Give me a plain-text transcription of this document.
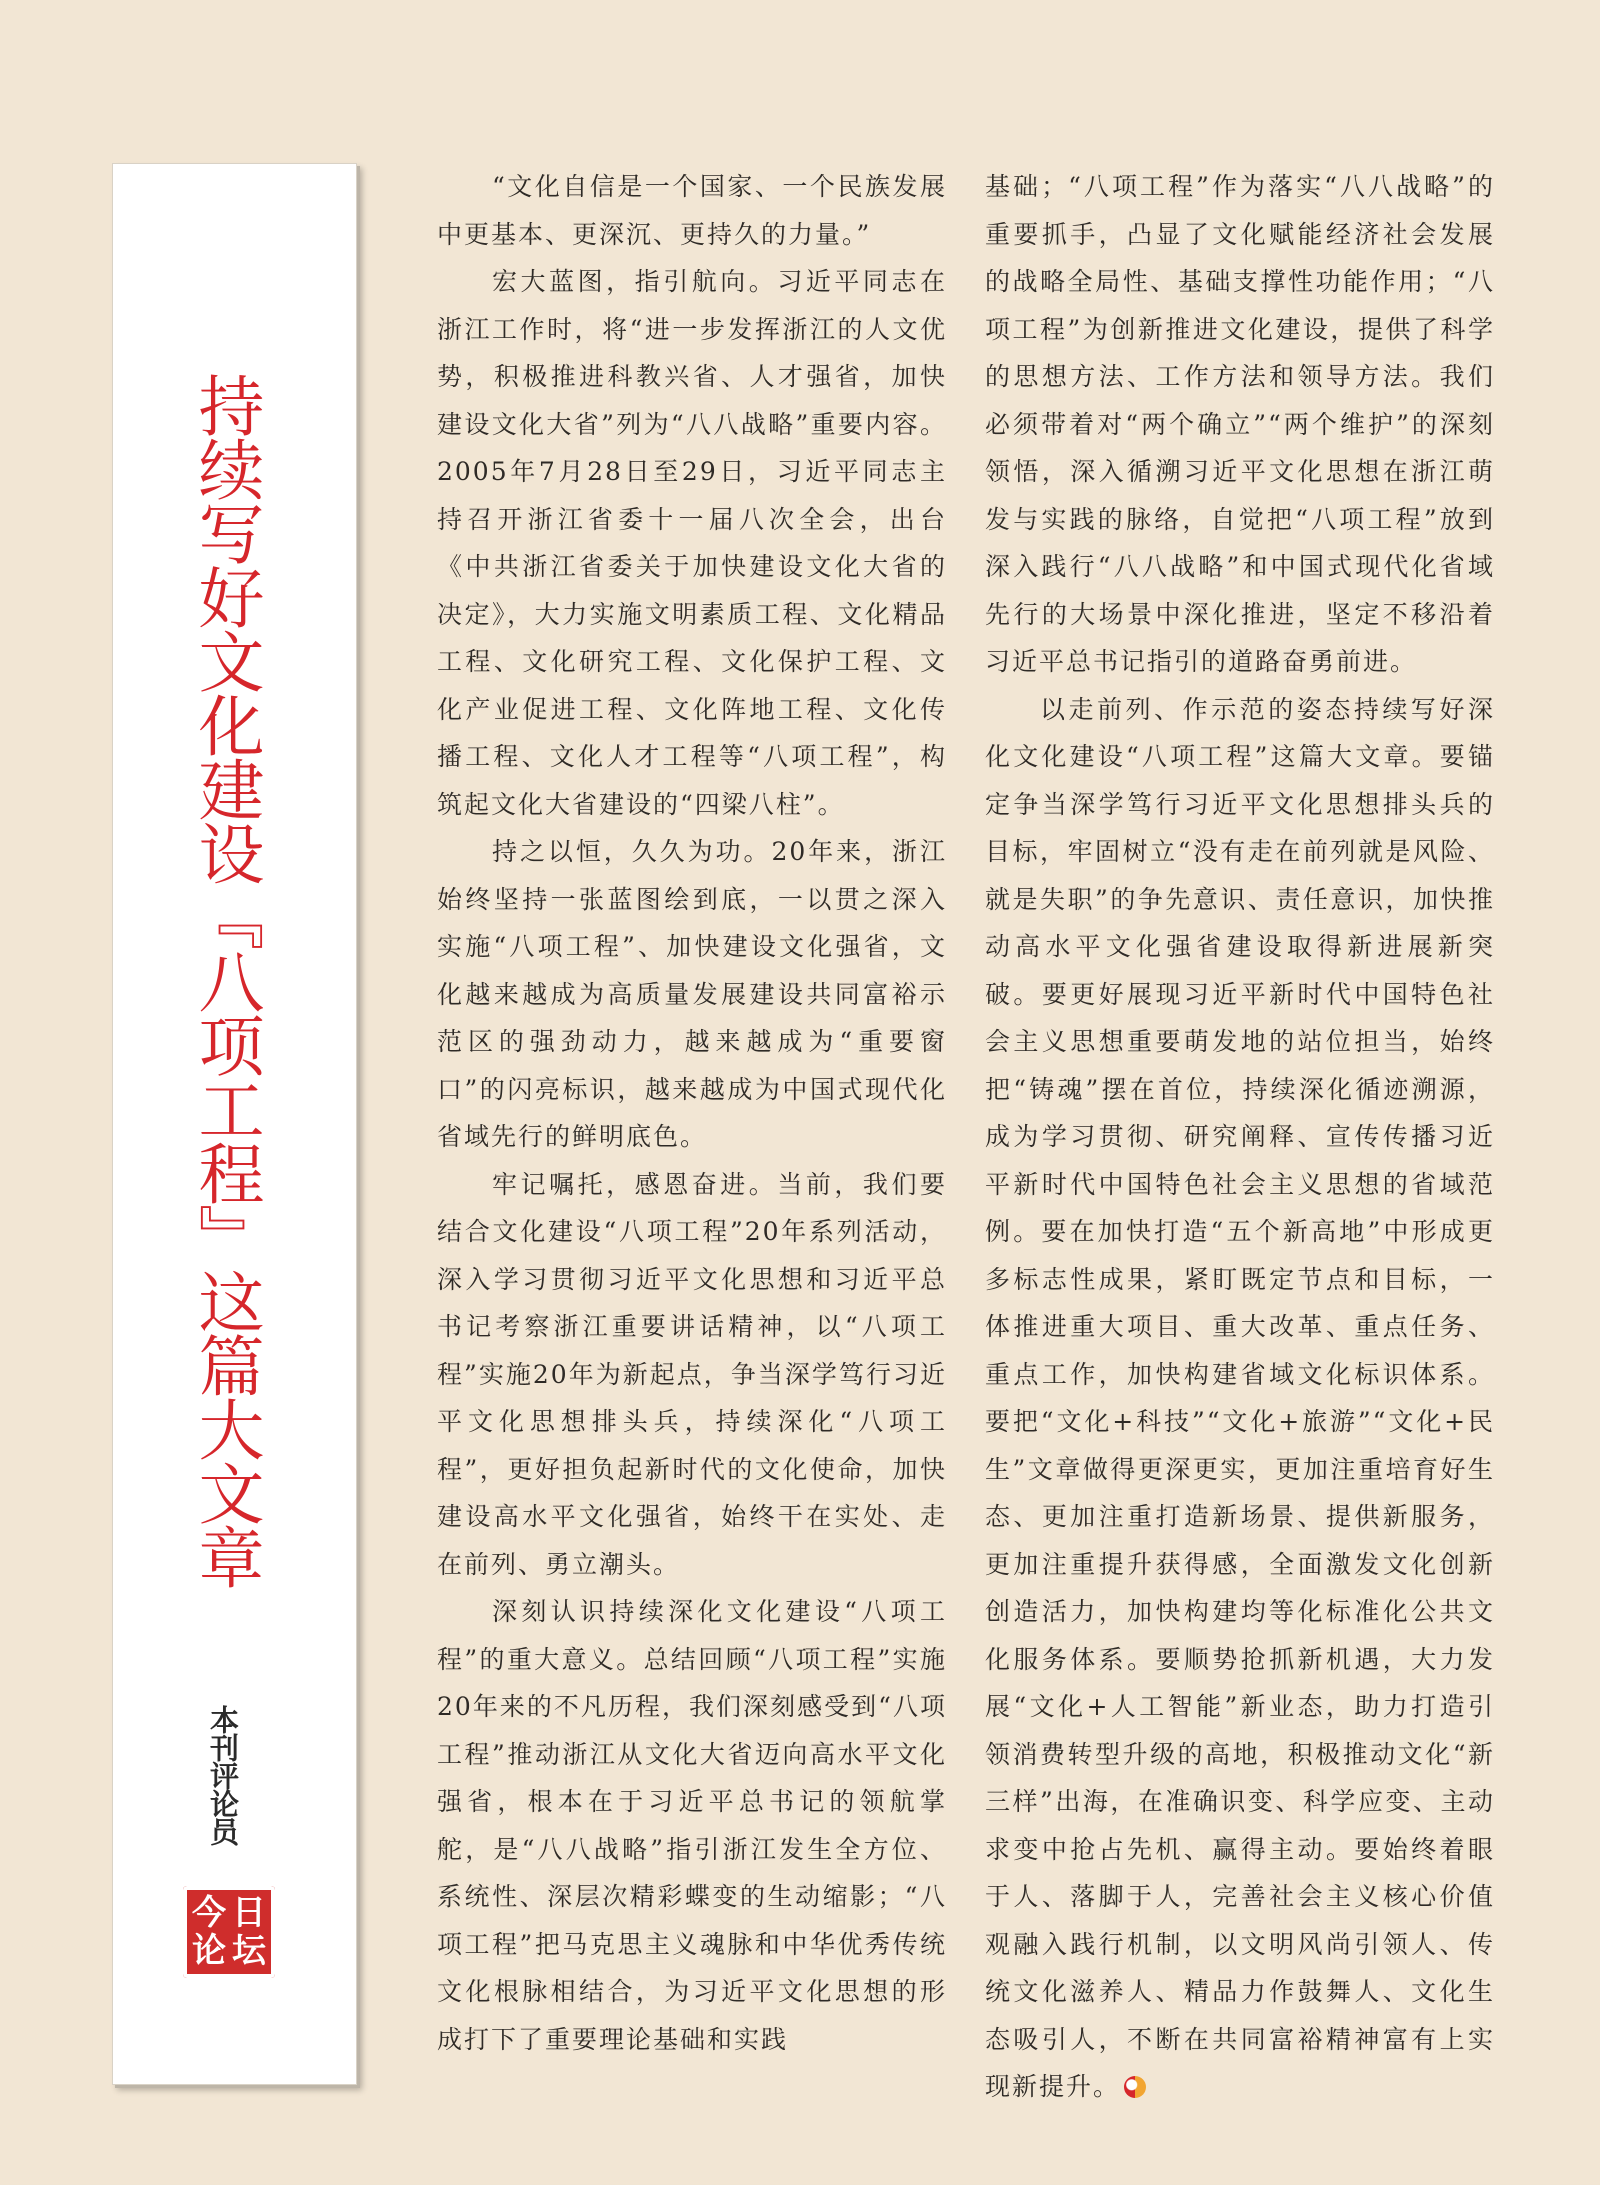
持续写好文化建设『八项工程』这篇大文章
本刊评论员
今 日
论 坛

“文化自信是一个国家、一个民族发展中更基本、更深沉、更持久的力量。”

宏大蓝图，指引航向。习近平同志在浙江工作时，将“进一步发挥浙江的人文优势，积极推进科教兴省、人才强省，加快建设文化大省”列为“八八战略”重要内容。2005年7月28日至29日，习近平同志主持召开浙江省委十一届八次全会，出台《中共浙江省委关于加快建设文化大省的决定》，大力实施文明素质工程、文化精品工程、文化研究工程、文化保护工程、文化产业促进工程、文化阵地工程、文化传播工程、文化人才工程等“八项工程”，构筑起文化大省建设的“四梁八柱”。

持之以恒，久久为功。20年来，浙江始终坚持一张蓝图绘到底，一以贯之深入实施“八项工程”、加快建设文化强省，文化越来越成为高质量发展建设共同富裕示范区的强劲动力，越来越成为“重要窗口”的闪亮标识，越来越成为中国式现代化省域先行的鲜明底色。

牢记嘱托，感恩奋进。当前，我们要结合文化建设“八项工程”20年系列活动，深入学习贯彻习近平文化思想和习近平总书记考察浙江重要讲话精神，以“八项工程”实施20年为新起点，争当深学笃行习近平文化思想排头兵，持续深化“八项工程”，更好担负起新时代的文化使命，加快建设高水平文化强省，始终干在实处、走在前列、勇立潮头。

深刻认识持续深化文化建设“八项工程”的重大意义。总结回顾“八项工程”实施20年来的不凡历程，我们深刻感受到“八项工程”推动浙江从文化大省迈向高水平文化强省，根本在于习近平总书记的领航掌舵，是“八八战略”指引浙江发生全方位、系统性、深层次精彩蝶变的生动缩影；“八项工程”把马克思主义魂脉和中华优秀传统文化根脉相结合，为习近平文化思想的形成打下了重要理论基础和实践

基础；“八项工程”作为落实“八八战略”的重要抓手，凸显了文化赋能经济社会发展的战略全局性、基础支撑性功能作用；“八项工程”为创新推进文化建设，提供了科学的思想方法、工作方法和领导方法。我们必须带着对“两个确立”“两个维护”的深刻领悟，深入循溯习近平文化思想在浙江萌发与实践的脉络，自觉把“八项工程”放到深入践行“八八战略”和中国式现代化省域先行的大场景中深化推进，坚定不移沿着习近平总书记指引的道路奋勇前进。

以走前列、作示范的姿态持续写好深化文化建设“八项工程”这篇大文章。要锚定争当深学笃行习近平文化思想排头兵的目标，牢固树立“没有走在前列就是风险、就是失职”的争先意识、责任意识，加快推动高水平文化强省建设取得新进展新突破。要更好展现习近平新时代中国特色社会主义思想重要萌发地的站位担当，始终把“铸魂”摆在首位，持续深化循迹溯源，成为学习贯彻、研究阐释、宣传传播习近平新时代中国特色社会主义思想的省域范例。要在加快打造“五个新高地”中形成更多标志性成果，紧盯既定节点和目标，一体推进重大项目、重大改革、重点任务、重点工作，加快构建省域文化标识体系。要把“文化+科技”“文化+旅游”“文化+民生”文章做得更深更实，更加注重培育好生态、更加注重打造新场景、提供新服务，更加注重提升获得感，全面激发文化创新创造活力，加快构建均等化标准化公共文化服务体系。要顺势抢抓新机遇，大力发展“文化+人工智能”新业态，助力打造引领消费转型升级的高地，积极推动文化“新三样”出海，在准确识变、科学应变、主动求变中抢占先机、赢得主动。要始终着眼于人、落脚于人，完善社会主义核心价值观融入践行机制，以文明风尚引领人、传统文化滋养人、精品力作鼓舞人、文化生态吸引人，不断在共同富裕精神富有上实现新提升。
